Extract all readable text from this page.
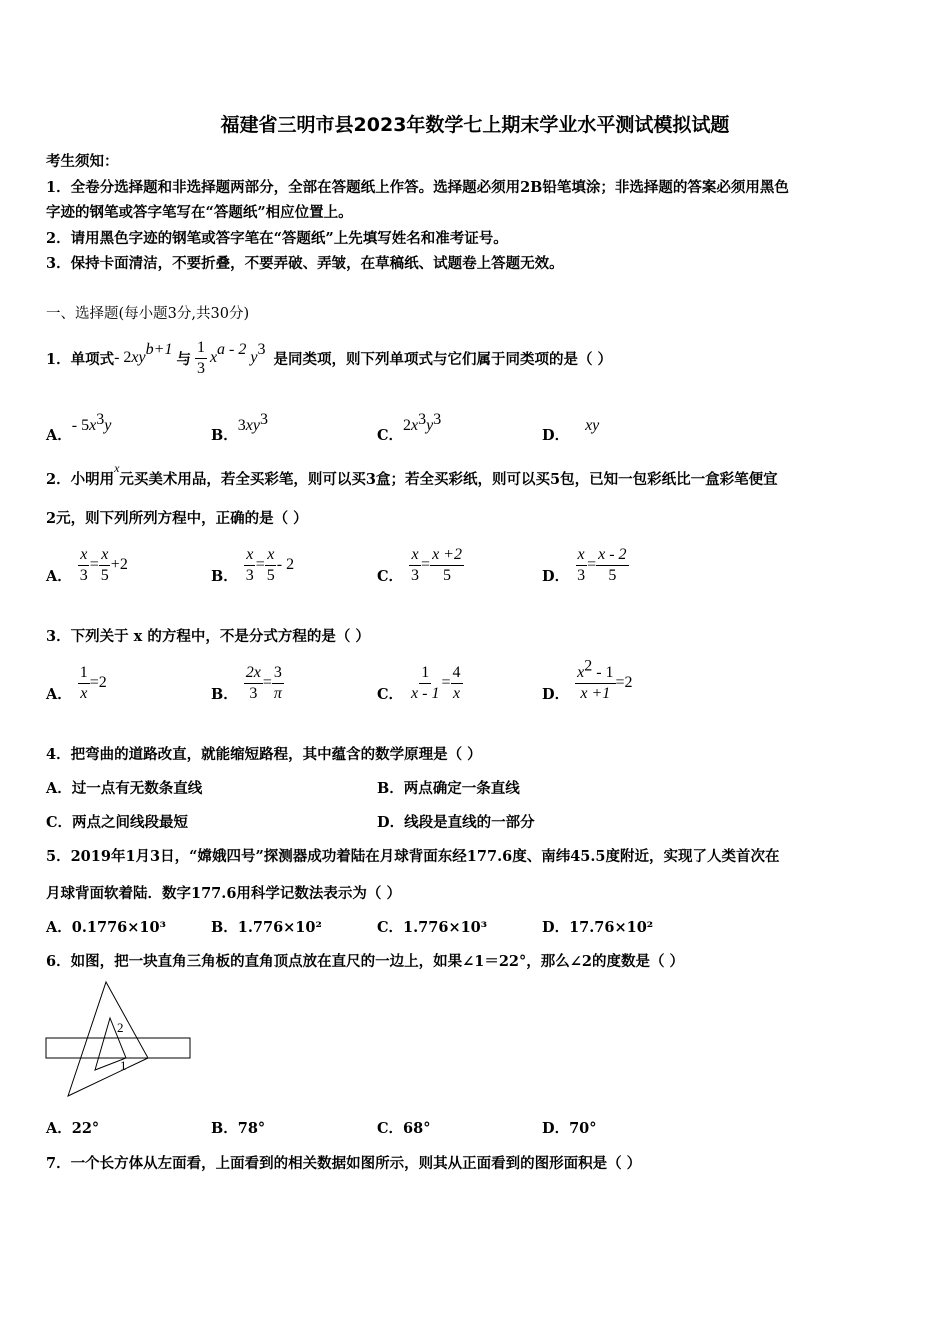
福建省三明市县2023年数学七上期末学业水平测试模拟试题
考生须知：
1．全卷分选择题和非选择题两部分，全部在答题纸上作答。选择题必须用2B铅笔填涂；非选择题的答案必须用黑色
字迹的钢笔或答字笔写在“答题纸”相应位置上。
2．请用黑色字迹的钢笔或答字笔在“答题纸”上先填写姓名和准考证号。
3．保持卡面清洁，不要折叠，不要弄破、弄皱，在草稿纸、试题卷上答题无效。
一、选择题(每小题3分,共30分)
1．单项式 - 2 x $y^{b+1}$
与 $\frac{1}{3} x^{a - 2}$ $y^3$
是同类项，则下列单项式与它们属于同类项的是（ ）
A．- $5x^3y$
B．$3xy^3$
C．$2x^3y^3$
D．xy
2．小明用$^x$元买美术用品，若全买彩笔，则可以买3盒；若全买彩纸，则可以买5包，已知一包彩纸比一盒彩笔便宜
2元，则下列所列方程中，正确的是（ ）
A． $\frac{x}{3} = \frac{x}{5} +2$
B． $\frac{x}{3} = \frac{x}{5} - 2$
C． $\frac{x}{3} = \frac{x +2}{5}$	D． $\frac{x}{3} = \frac{x - 2}{5}$
3．下列关于 x 的方程中，不是分式方程的是（ ）
A． $\frac{1}{x} =2$
B． $\frac{2x}{3} = \frac{3}{\pi}$	C． $\frac{1}{x - 1} = \frac{4}{x}$	D． $\frac{x^2 - 1}{x +1} =2$
4．把弯曲的道路改直，就能缩短路程，其中蕴含的数学原理是（ ）
A．过一点有无数条直线	B．两点确定一条直线
C．两点之间线段最短	D．线段是直线的一部分
5．2019年1月3日，“嫦娥四号”探测器成功着陆在月球背面东经177.6度、南纬45.5度附近，实现了人类首次在
月球背面软着陆．数字177.6用科学记数法表示为（ ）
A．0.1776×10³	B．1.776×10²	C．1.776×10³	D．17.76×10²
6．如图，把一块直角三角板的直角顶点放在直尺的一边上，如果∠1＝22°，那么∠2的度数是（ ）
2
1
A．22°	B．78°	C．68°	D．70°
7．一个长方体从左面看，上面看到的相关数据如图所示，则其从正面看到的图形面积是（ ）
